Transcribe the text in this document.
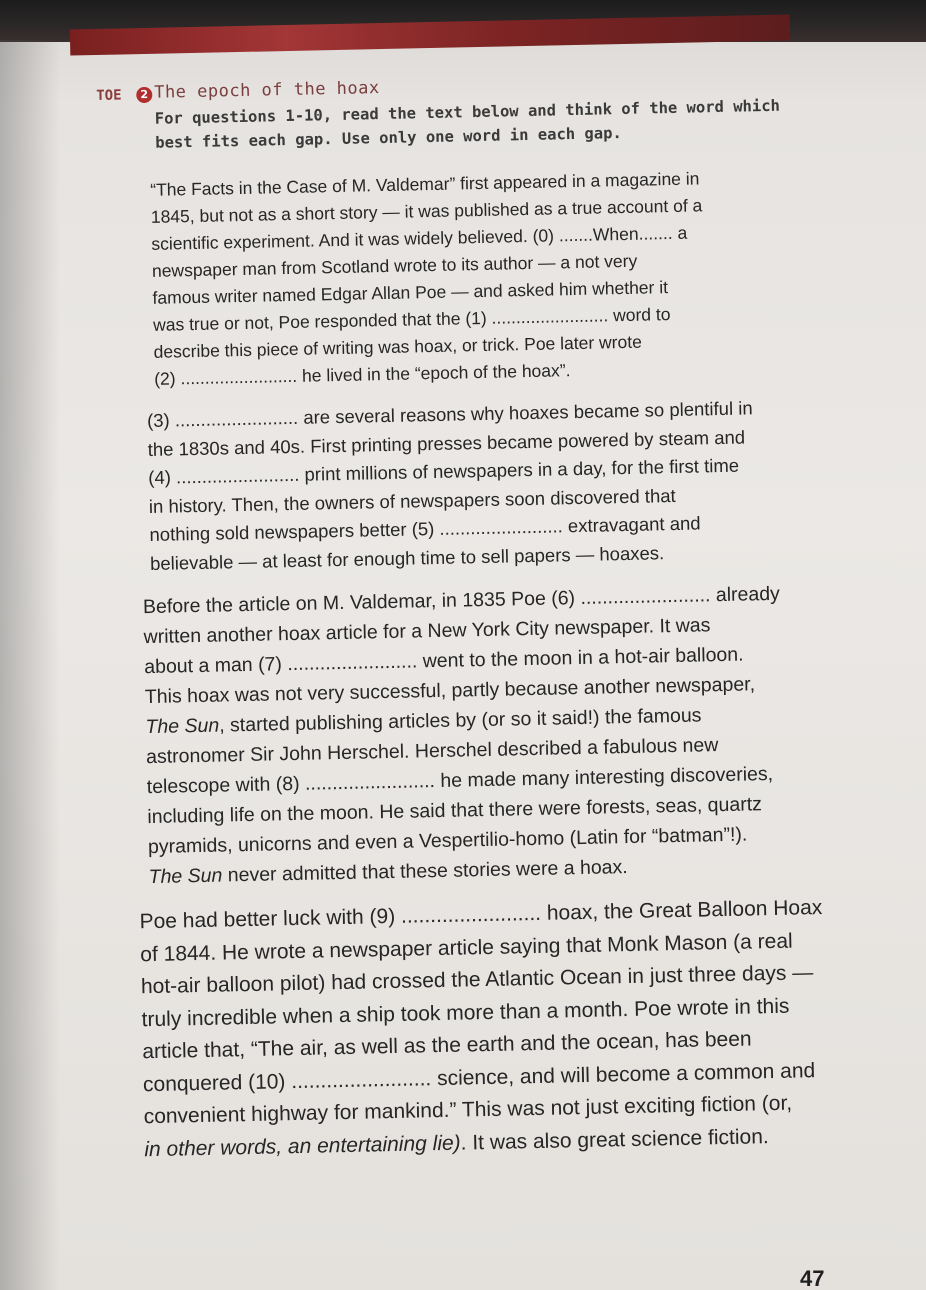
TOE	2 The epoch of the hoax
For questions 1-10, read the text below and think of the word which
best fits each gap. Use only one word in each gap.

“The Facts in the Case of M. Valdemar” first appeared in a magazine in
1845, but not as a short story — it was published as a true account of a
scientific experiment. And it was widely believed. (0) .......When....... a
newspaper man from Scotland wrote to its author — a not very
famous writer named Edgar Allan Poe — and asked him whether it
was true or not, Poe responded that the (1) ........................ word to
describe this piece of writing was hoax, or trick. Poe later wrote
(2) ........................ he lived in the “epoch of the hoax”.

(3) ........................ are several reasons why hoaxes became so plentiful in
the 1830s and 40s. First printing presses became powered by steam and
(4) ........................ print millions of newspapers in a day, for the first time
in history. Then, the owners of newspapers soon discovered that
nothing sold newspapers better (5) ........................ extravagant and
believable — at least for enough time to sell papers — hoaxes.

Before the article on M. Valdemar, in 1835 Poe (6) ........................ already
written another hoax article for a New York City newspaper. It was
about a man (7) ........................ went to the moon in a hot-air balloon.
This hoax was not very successful, partly because another newspaper,
The Sun, started publishing articles by (or so it said!) the famous
astronomer Sir John Herschel. Herschel described a fabulous new
telescope with (8) ........................ he made many interesting discoveries,
including life on the moon. He said that there were forests, seas, quartz
pyramids, unicorns and even a Vespertilio-homo (Latin for “batman”!).
The Sun never admitted that these stories were a hoax.

Poe had better luck with (9) ........................ hoax, the Great Balloon Hoax
of 1844. He wrote a newspaper article saying that Monk Mason (a real
hot-air balloon pilot) had crossed the Atlantic Ocean in just three days —
truly incredible when a ship took more than a month. Poe wrote in this
article that, “The air, as well as the earth and the ocean, has been
conquered (10) ........................ science, and will become a common and
convenient highway for mankind.” This was not just exciting fiction (or,
in other words, an entertaining lie). It was also great science fiction.

47
